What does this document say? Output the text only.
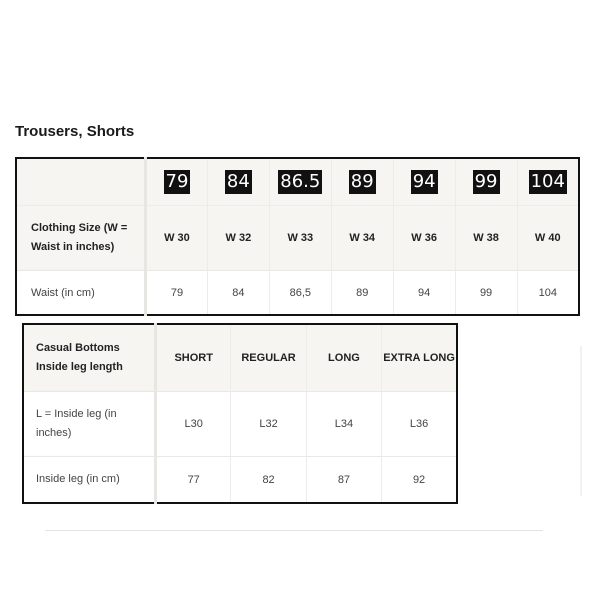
Trousers, Shorts
	79	84	86.5	89	94	99	104
Clothing Size (W = Waist in inches)	W 30	W 32	W 33	W 34	W 36	W 38	W 40
Waist (in cm)	79	84	86,5	89	94	99	104
Casual Bottoms Inside leg length	SHORT	REGULAR	LONG	EXTRA LONG
L = Inside leg (in inches)	L30	L32	L34	L36
Inside leg (in cm)	77	82	87	92
